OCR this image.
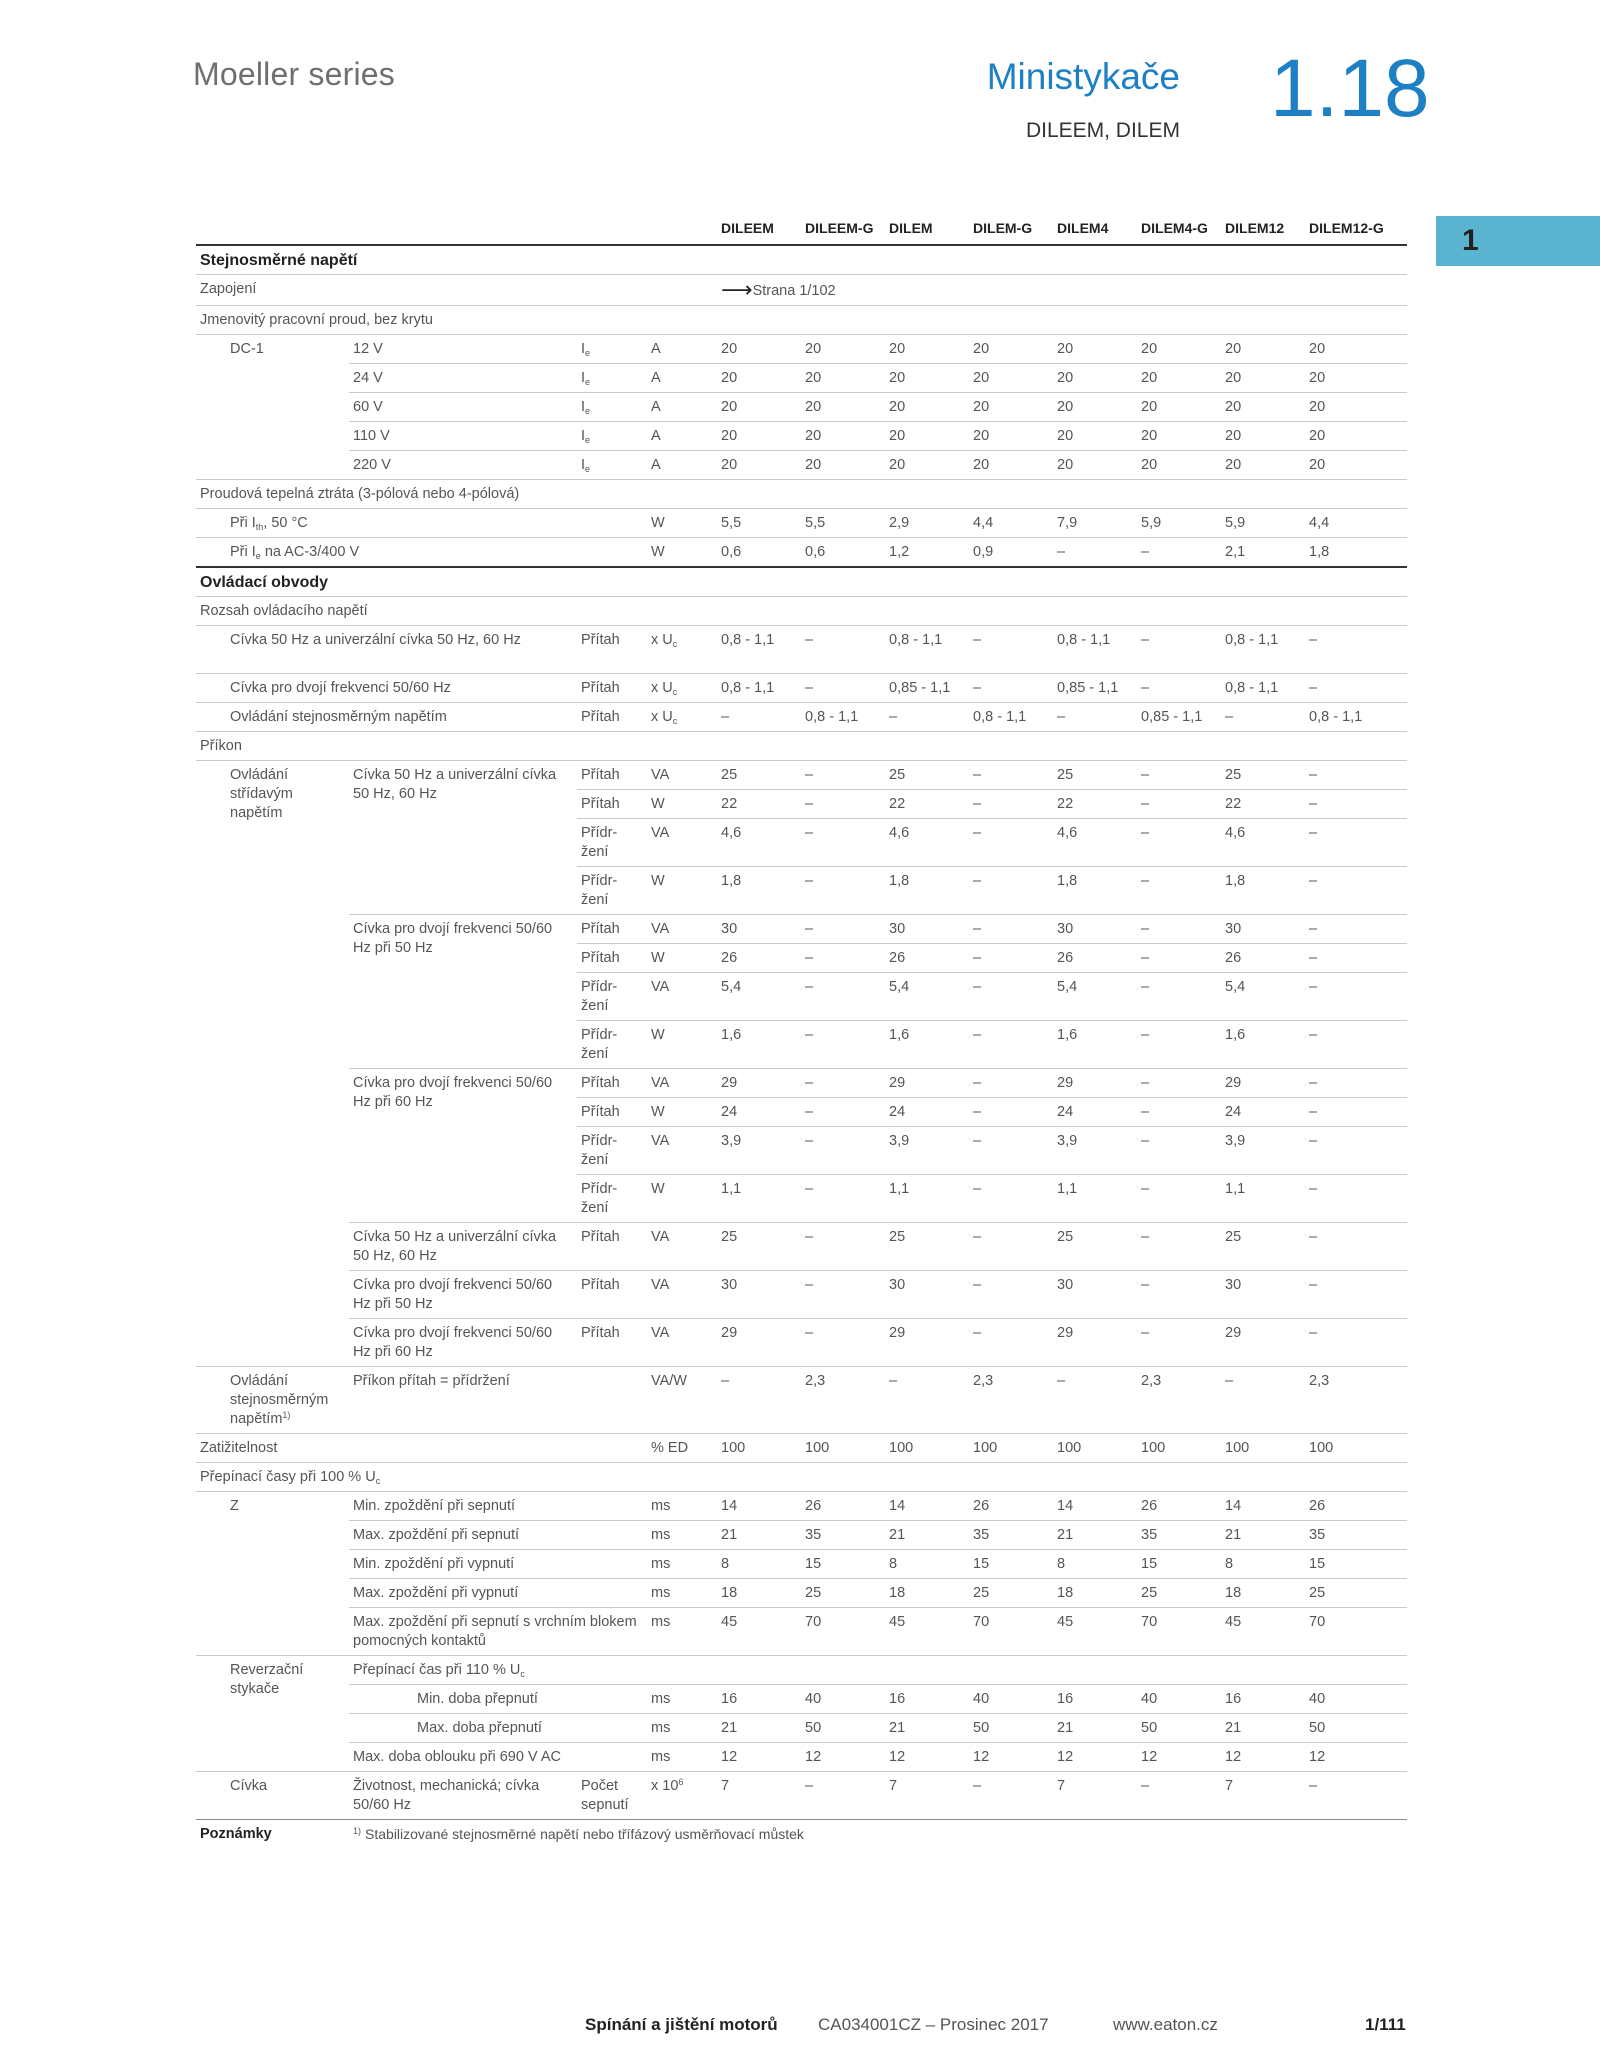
Moeller series	Ministykače
DILEEM, DILEM 1.18
1
				DILEEM	DILEEM-G	DILEM	DILEM-G	DILEM4	DILEM4-G	DILEM12	DILEM12-G
Stejnosměrné napětí											
Zapojení				⟶Strana 1/102							
Jmenovitý pracovní proud, bez krytu											
DC-1	12 V	$I_e$	A	20	20	20	20	20	20	20	20
	24 V	$I_e$	A	20	20	20	20	20	20	20	20
	60 V	$I_e$	A	20	20	20	20	20	20	20	20
	110 V	$I_e$	A	20	20	20	20	20	20	20	20
	220 V	$I_e$	A	20	20	20	20	20	20	20	20
Proudová tepelná ztráta (3-pólová nebo 4-pólová)											
Při $I_{th}$, 50 °C			W	5,5	5,5	2,9	4,4	7,9	5,9	5,9	4,4
Při $I_e$ na AC-3/400 V			W	0,6	0,6	1,2	0,9	–	–	2,1	1,8
Ovládací obvody											
Rozsah ovládacího napětí											
Cívka 50 Hz a univerzální cívka 50 Hz, 60 Hz		Přítah	x $U_c$	0,8 - 1,1	–	0,8 - 1,1	–	0,8 - 1,1	–	0,8 - 1,1	–
Cívka pro dvojí frekvenci 50/60 Hz		Přítah	x $U_c$	0,8 - 1,1	–	0,85 - 1,1	–	0,85 - 1,1	–	0,8 - 1,1	–
Ovládání stejnosměrným napětím		Přítah	x $U_c$	–	0,8 - 1,1	–	0,8 - 1,1	–	0,85 - 1,1	–	0,8 - 1,1
Příkon											
Ovládání střídavým napětím	Cívka 50 Hz a univerzální cívka 50 Hz, 60 Hz	Přítah	VA	25	–	25	–	25	–	25	–
		Přítah	W	22	–	22	–	22	–	22	–
		Přídr-žení	VA	4,6	–	4,6	–	4,6	–	4,6	–
		Přídr-žení	W	1,8	–	1,8	–	1,8	–	1,8	–
	Cívka pro dvojí frekvenci 50/60 Hz při 50 Hz	Přítah	VA	30	–	30	–	30	–	30	–
		Přítah	W	26	–	26	–	26	–	26	–
		Přídr-žení	VA	5,4	–	5,4	–	5,4	–	5,4	–
		Přídr-žení	W	1,6	–	1,6	–	1,6	–	1,6	–
	Cívka pro dvojí frekvenci 50/60 Hz při 60 Hz	Přítah	VA	29	–	29	–	29	–	29	–
		Přítah	W	24	–	24	–	24	–	24	–
		Přídr-žení	VA	3,9	–	3,9	–	3,9	–	3,9	–
		Přídr-žení	W	1,1	–	1,1	–	1,1	–	1,1	–
	Cívka 50 Hz a univerzální cívka 50 Hz, 60 Hz	Přítah	VA	25	–	25	–	25	–	25	–
	Cívka pro dvojí frekvenci 50/60 Hz při 50 Hz	Přítah	VA	30	–	30	–	30	–	30	–
	Cívka pro dvojí frekvenci 50/60 Hz při 60 Hz	Přítah	VA	29	–	29	–	29	–	29	–
Ovládání stejnosměrným napětím$^{1)}$	Příkon přítah = přídržení		VA/W	–	2,3	–	2,3	–	2,3	–	2,3
Zatižitelnost			% ED	100	100	100	100	100	100	100	100
Přepínací časy při 100 % $U_c$
Z	Min. zpoždění při sepnutí		ms	14	26	14	26	14	26	14	26
	Max. zpoždění při sepnutí		ms	21	35	21	35	21	35	21	35
	Min. zpoždění při vypnutí		ms	8	15	8	15	8	15	8	15
	Max. zpoždění při vypnutí		ms	18	25	18	25	18	25	18	25
	Max. zpoždění při sepnutí s vrchním blokem pomocných kontaktů		ms	45	70	45	70	45	70	45	70
Reverzační stykače	Přepínací čas při 110 % $U_c$
	Min. doba přepnutí		ms	16	40	16	40	16	40	16	40
	Max. doba přepnutí		ms	21	50	21	50	21	50	21	50
	Max. doba oblouku při 690 V AC		ms	12	12	12	12	12	12	12	12
Cívka	Životnost, mechanická; cívka 50/60 Hz	Počet sepnutí	x $10^6$	7	–	7	–	7	–	7	–
Poznámky	$^{1)}$ Stabilizované stejnosměrné napětí nebo třífázový usměrňovací můstek										
Spínání a jištění motorů CA034001CZ – Prosinec 2017	www.eaton.cz	1/111
